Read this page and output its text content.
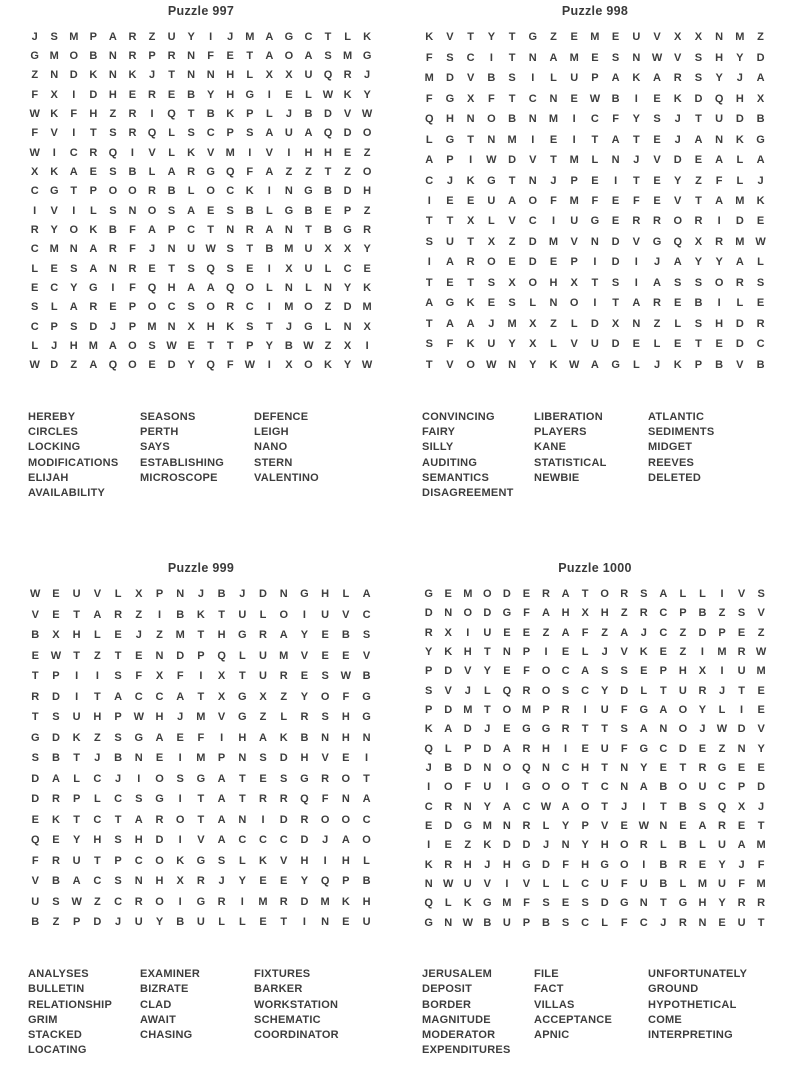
Puzzle 997
J	S	M	P	A	R	Z	U	Y	I	J	M A	G	C	T	L	K
G M O	B	N	R	P	R	N	F	E	T	A	O	A	S	M G
Z	N	D	K	N	K	J	T	N	N	H	L	X	X	U	Q	R	J
F	X	I	D	H	E	R	E	B	Y	H	G	I	E	L W K	Y
W K	F	H	Z	R	I	Q	T	B	K	P	L	J	B	D	V W
F	V	I	T	S	R	Q	L	S	C	P	S	A	U	A	Q	D	O
W	I	C	R	Q	I	V	L	K	V	M	I	V	I	H	H	E	Z
X	K	A	E	S	B	L	A	R	G Q	F	A	Z	Z	T	Z	O
C	G	T	P	O O	R	B	L	O	C	K	I	N	G	B	D	H
I	V	I	L	S	N	O	S	A	E	S	B	L	G	B	E	P	Z
R	Y	O	K	B	F	A	P	C	T	N	R	A	N	T	B	G	R
C M N	A	R	F	J	N	U W S	T	B M U	X	X	Y
L	E	S	A	N	R	E	T	S	Q	S	E	I	X	U	L	C	E
E	C	Y	G	I	F	Q	H	A	A	Q O	L	N	L	N	Y	K
S	L	A	R	E	P	O	C	S	O	R	C	I	M O	Z	D M
C	P	S	D	J	P	M N	X	H	K	S	T	J	G	L	N	X
L	J	H M A	O	S W E	T	T	P	Y	B W Z	X	I
W D	Z	A	Q O	E	D	Y	Q	F W	I	X	O	K	Y W
HEREBY
CIRCLES
LOCKING
MODIFICATIONS
ELIJAH
AVAILABILITY
SEASONS
PERTH
SAYS
ESTABLISHING
MICROSCOPE
DEFENCE
LEIGH
NANO
STERN
VALENTINO
Puzzle 998
K	V	T	Y	T	G	Z	E	M	E	U	V	X	X	N	M	Z
F	S	C	I	T	N	A	M	E	S	N	W	V	S	H	Y	D
M	D	V	B	S	I	L	U	P	A	K	A	R	S	Y	J	A
F	G	X	F	T	C	N	E	W	B	I	E	K	D	Q	H	X
Q	H	N	O	B	N	M	I	C	F	Y	S	J	T	U	D	B
L	G	T	N	M	I	E	I	T	A	T	E	J	A	N	K	G
A	P	I	W	D	V	T	M	L	N	J	V	D	E	A	L	A
C	J	K	G	T	N	J	P	E	I	T	E	Y	Z	F	L	J
I	E	E	U	A	O	F	M	F	E	F	E	V	T	A	M	K
T	T	X	L	V	C	I	U	G	E	R	R	O	R	I	D	E
S	U	T	X	Z	D	M	V	N	D	V	G	Q	X	R	M W
I	A	R	O	E	D	E	P	I	D	I	J	A	Y	Y	A	L
T	E	T	S	X	O	H	X	T	S	I	A	S	S	O	R	S
A	G	K	E	S	L	N	O	I	T	A	R	E	B	I	L	E
T	A	A	J	M	X	Z	L	D	X	N	Z	L	S	H	D	R
S	F	K	U	Y	X	L	V	U	D	E	L	E	T	E	D	C
T	V	O	W	N	Y	K	W	A	G	L	J	K	P	B	V	B
CONVINCING
FAIRY
SILLY
AUDITING
SEMANTICS
DISAGREEMENT
LIBERATION
PLAYERS
KANE
STATISTICAL
NEWBIE
ATLANTIC
SEDIMENTS
MIDGET
REEVES
DELETED
Puzzle 999
W	E	U	V	L	X	P	N	J	B	J	D	N	G	H	L	A
V	E	T	A	R	Z	I	B	K	T	U	L	O	I	U	V	C
B	X	H	L	E	J	Z	M	T	H	G	R	A	Y	E	B	S
E	W	T	Z	T	E	N	D	P	Q	L	U	M	V	E	E	V
T	P	I	I	S	F	X	F	I	X	T	U	R	E	S	W	B
R	D	I	T	A	C	C	A	T	X	G	X	Z	Y	O	F	G
T	S	U	H	P	W	H	J	M	V	G	Z	L	R	S	H	G
G	D	K	Z	S	G	A	E	F	I	H	A	K	B	N	H	N
S	B	T	J	B	N	E	I	M	P	N	S	D	H	V	E	I
D	A	L	C	J	I	O	S	G	A	T	E	S	G	R	O	T
D	R	P	L	C	S	G	I	T	A	T	R	R	Q	F	N	A
E	K	T	C	T	A	R	O	T	A	N	I	D	R	O	O	C
Q	E	Y	H	S	H	D	I	V	A	C	C	C	D	J	A	O
F	R	U	T	P	C	O	K	G	S	L	K	V	H	I	H	L
V	B	A	C	S	N	H	X	R	J	Y	E	E	Y	Q	P	B
U	S	W	Z	C	R	O	I	G	R	I	M	R	D	M	K	H
B	Z	P	D	J	U	Y	B	U	L	L	E	T	I	N	E	U
ANALYSES
BULLETIN
RELATIONSHIP
GRIM
STACKED
LOCATING
EXAMINER
BIZRATE
CLAD
AWAIT
CHASING
FIXTURES
BARKER
WORKSTATION
SCHEMATIC
COORDINATOR
Puzzle 1000
G	E	M O	D	E	R	A	T	O	R	S	A	L	L	I	V	S
D	N	O	D	G	F	A	H	X	H	Z	R	C	P	B	Z	S	V
R	X	I	U	E	E	Z	A	F	Z	A	J	C	Z	D	P	E	Z
Y	K	H	T	N	P	I	E	L	J	V	K	E	Z	I	M R W
P	D	V	Y	E	F	O	C	A	S	S	E	P	H	X	I	U M
S	V	J	L	Q	R	O	S	C	Y	D	L	T	U	R	J	T	E
P	D M	T	O M	P	R	I	U	F	G	A	O	Y	L	I	E
K	A	D	J	E	G G	R	T	T	S	A	N	O	J	W D	V
Q	L	P	D	A	R	H	I	E	U	F	G	C	D	E	Z	N	Y
J	B	D	N	O Q	N	C	H	T	N	Y	E	T	R	G	E	E
I	O	F	U	I	G O O	T	C	N	A	B	O	U	C	P	D
C	R	N	Y	A	C W A	O	T	J	I	T	B	S	Q	X	J
E	D	G M N	R	L	Y	P	V	E W N	E	A	R	E	T
I	E	Z	K	D	D	J	N	Y	H	O	R	L	B	L	U	A M
K	R	H	J	H	G	D	F	H	G O	I	B	R	E	Y	J	F
N W U	V	I	V	L	L	C	U	F	U	B	L	M U	F	M
Q	L	K	G M	F	S	E	S	D	G	N	T	G	H	Y	R	R
G	N W B	U	P	B	S	C	L	F	C	J	R	N	E	U	T
JERUSALEM
DEPOSIT
BORDER
MAGNITUDE
MODERATOR
EXPENDITURES
FILE
FACT
VILLAS
ACCEPTANCE
APNIC
UNFORTUNATELY
GROUND
HYPOTHETICAL
COME
INTERPRETING
